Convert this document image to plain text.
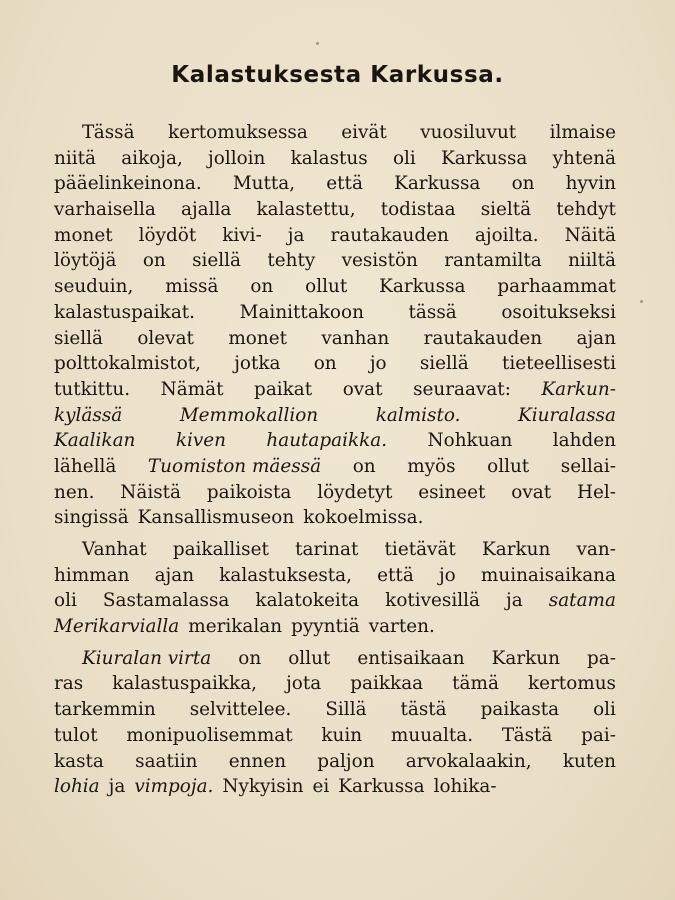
Kalastuksesta Karkussa.
Tässä kertomuksessa eivät vuosiluvut ilmaise
niitä aikoja, jolloin kalastus oli Karkussa yhtenä
pääelinkeinona. Mutta, että Karkussa on hyvin
varhaisella ajalla kalastettu, todistaa sieltä tehdyt
monet löydöt kivi- ja rautakauden ajoilta. Näitä
löytöjä on siellä tehty vesistön rantamilta niiltä
seuduin, missä on ollut Karkussa parhaammat
kalastuspaikat. Mainittakoon tässä osoitukseksi
siellä olevat monet vanhan rautakauden ajan
polttokalmistot, jotka on jo siellä tieteellisesti
tutkittu. Nämät paikat ovat seuraavat: Karkun-
kylässä	Memmokallion	kalmisto.	Kiuralassa
Kaalikan kiven hautapaikka. Nohkuan lahden
lähellä Tuomiston mäessä on myös ollut sellai-
nen. Näistä paikoista löydetyt esineet ovat Hel-
singissä Kansallismuseon kokoelmissa.
Vanhat paikalliset tarinat tietävät Karkun van-
himman ajan kalastuksesta, että jo muinaisaikana
oli Sastamalassa kalatokeita kotivesillä ja satama
Merikarvialla merikalan pyyntiä varten.
Kiuralan virta on ollut entisaikaan Karkun pa-
ras kalastuspaikka, jota paikkaa tämä kertomus
tarkemmin selvittelee. Sillä tästä paikasta oli
tulot monipuolisemmat kuin muualta. Tästä pai-
kasta saatiin ennen paljon arvokalaakin, kuten
lohia ja vimpoja. Nykyisin ei Karkussa lohika-
